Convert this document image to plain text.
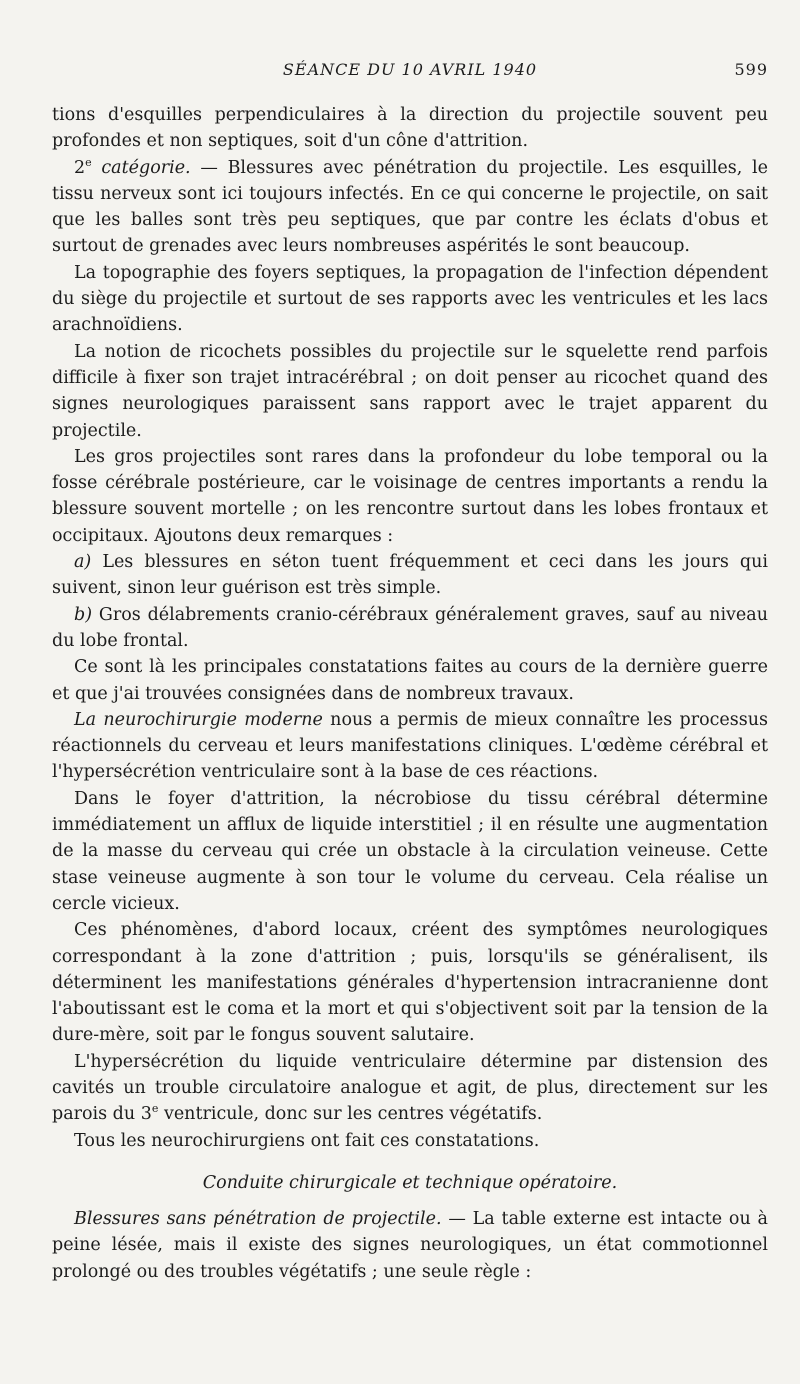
SÉANCE DU 10 AVRIL 1940	599

tions d'esquilles perpendiculaires à la direction du projectile souvent peu profondes et non septiques, soit d'un cône d'attrition.

2e catégorie. — Blessures avec pénétration du projectile. Les esquilles, le tissu nerveux sont ici toujours infectés. En ce qui concerne le projectile, on sait que les balles sont très peu septiques, que par contre les éclats d'obus et surtout de grenades avec leurs nombreuses aspérités le sont beaucoup.

La topographie des foyers septiques, la propagation de l'infection dépendent du siège du projectile et surtout de ses rapports avec les ventricules et les lacs arachnoïdiens.

La notion de ricochets possibles du projectile sur le squelette rend parfois difficile à fixer son trajet intracérébral ; on doit penser au ricochet quand des signes neurologiques paraissent sans rapport avec le trajet apparent du projectile.

Les gros projectiles sont rares dans la profondeur du lobe temporal ou la fosse cérébrale postérieure, car le voisinage de centres importants a rendu la blessure souvent mortelle ; on les rencontre surtout dans les lobes frontaux et occipitaux. Ajoutons deux remarques :

a) Les blessures en séton tuent fréquemment et ceci dans les jours qui suivent, sinon leur guérison est très simple.

b) Gros délabrements cranio-cérébraux généralement graves, sauf au niveau du lobe frontal.

Ce sont là les principales constatations faites au cours de la dernière guerre et que j'ai trouvées consignées dans de nombreux travaux.

La neurochirurgie moderne nous a permis de mieux connaître les processus réactionnels du cerveau et leurs manifestations cliniques. L'œdème cérébral et l'hypersécrétion ventriculaire sont à la base de ces réactions.

Dans le foyer d'attrition, la nécrobiose du tissu cérébral détermine immédiatement un afflux de liquide interstitiel ; il en résulte une augmentation de la masse du cerveau qui crée un obstacle à la circulation veineuse. Cette stase veineuse augmente à son tour le volume du cerveau. Cela réalise un cercle vicieux.

Ces phénomènes, d'abord locaux, créent des symptômes neurologiques correspondant à la zone d'attrition ; puis, lorsqu'ils se généralisent, ils déterminent les manifestations générales d'hypertension intracranienne dont l'aboutissant est le coma et la mort et qui s'objectivent soit par la tension de la dure-mère, soit par le fongus souvent salutaire.

L'hypersécrétion du liquide ventriculaire détermine par distension des cavités un trouble circulatoire analogue et agit, de plus, directement sur les parois du 3e ventricule, donc sur les centres végétatifs.

Tous les neurochirurgiens ont fait ces constatations.

Conduite chirurgicale et technique opératoire.

Blessures sans pénétration de projectile. — La table externe est intacte ou à peine lésée, mais il existe des signes neurologiques, un état commotionnel prolongé ou des troubles végétatifs ; une seule règle :
